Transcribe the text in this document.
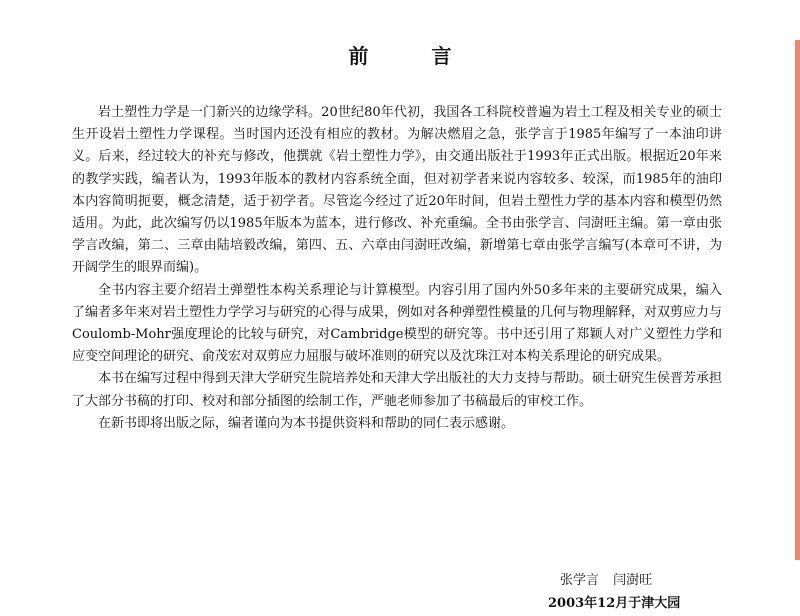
前 言

岩土塑性力学是一门新兴的边缘学科。20世纪80年代初，我国各工科院校普遍为岩土工程及相关专业的硕士生开设岩土塑性力学课程。当时国内还没有相应的教材。为解决燃眉之急，张学言于1985年编写了一本油印讲义。后来，经过较大的补充与修改，他撰就《岩土塑性力学》，由交通出版社于1993年正式出版。根据近20年来的教学实践，编者认为，1993年版本的教材内容系统全面，但对初学者来说内容较多、较深，而1985年的油印本内容简明扼要，概念清楚，适于初学者。尽管迄今经过了近20年时间，但岩土塑性力学的基本内容和模型仍然适用。为此，此次编写仍以1985年版本为蓝本，进行修改、补充重编。全书由张学言、闫澍旺主编。第一章由张学言改编，第二、三章由陆培毅改编，第四、五、六章由闫澍旺改编，新增第七章由张学言编写(本章可不讲，为开阔学生的眼界而编)。

全书内容主要介绍岩土弹塑性本构关系理论与计算模型。内容引用了国内外50多年来的主要研究成果，编入了编者多年来对岩土塑性力学学习与研究的心得与成果，例如对各种弹塑性模量的几何与物理解释，对双剪应力与Coulomb-Mohr强度理论的比较与研究，对Cambridge模型的研究等。书中还引用了郑颖人对广义塑性力学和应变空间理论的研究、俞茂宏对双剪应力屈服与破坏准则的研究以及沈珠江对本构关系理论的研究成果。

本书在编写过程中得到天津大学研究生院培养处和天津大学出版社的大力支持与帮助。硕士研究生侯晋芳承担了大部分书稿的打印、校对和部分插图的绘制工作，严驰老师参加了书稿最后的审校工作。

在新书即将出版之际，编者谨向为本书提供资料和帮助的同仁表示感谢。

张学言 闫澍旺
2003年12月于津大园
